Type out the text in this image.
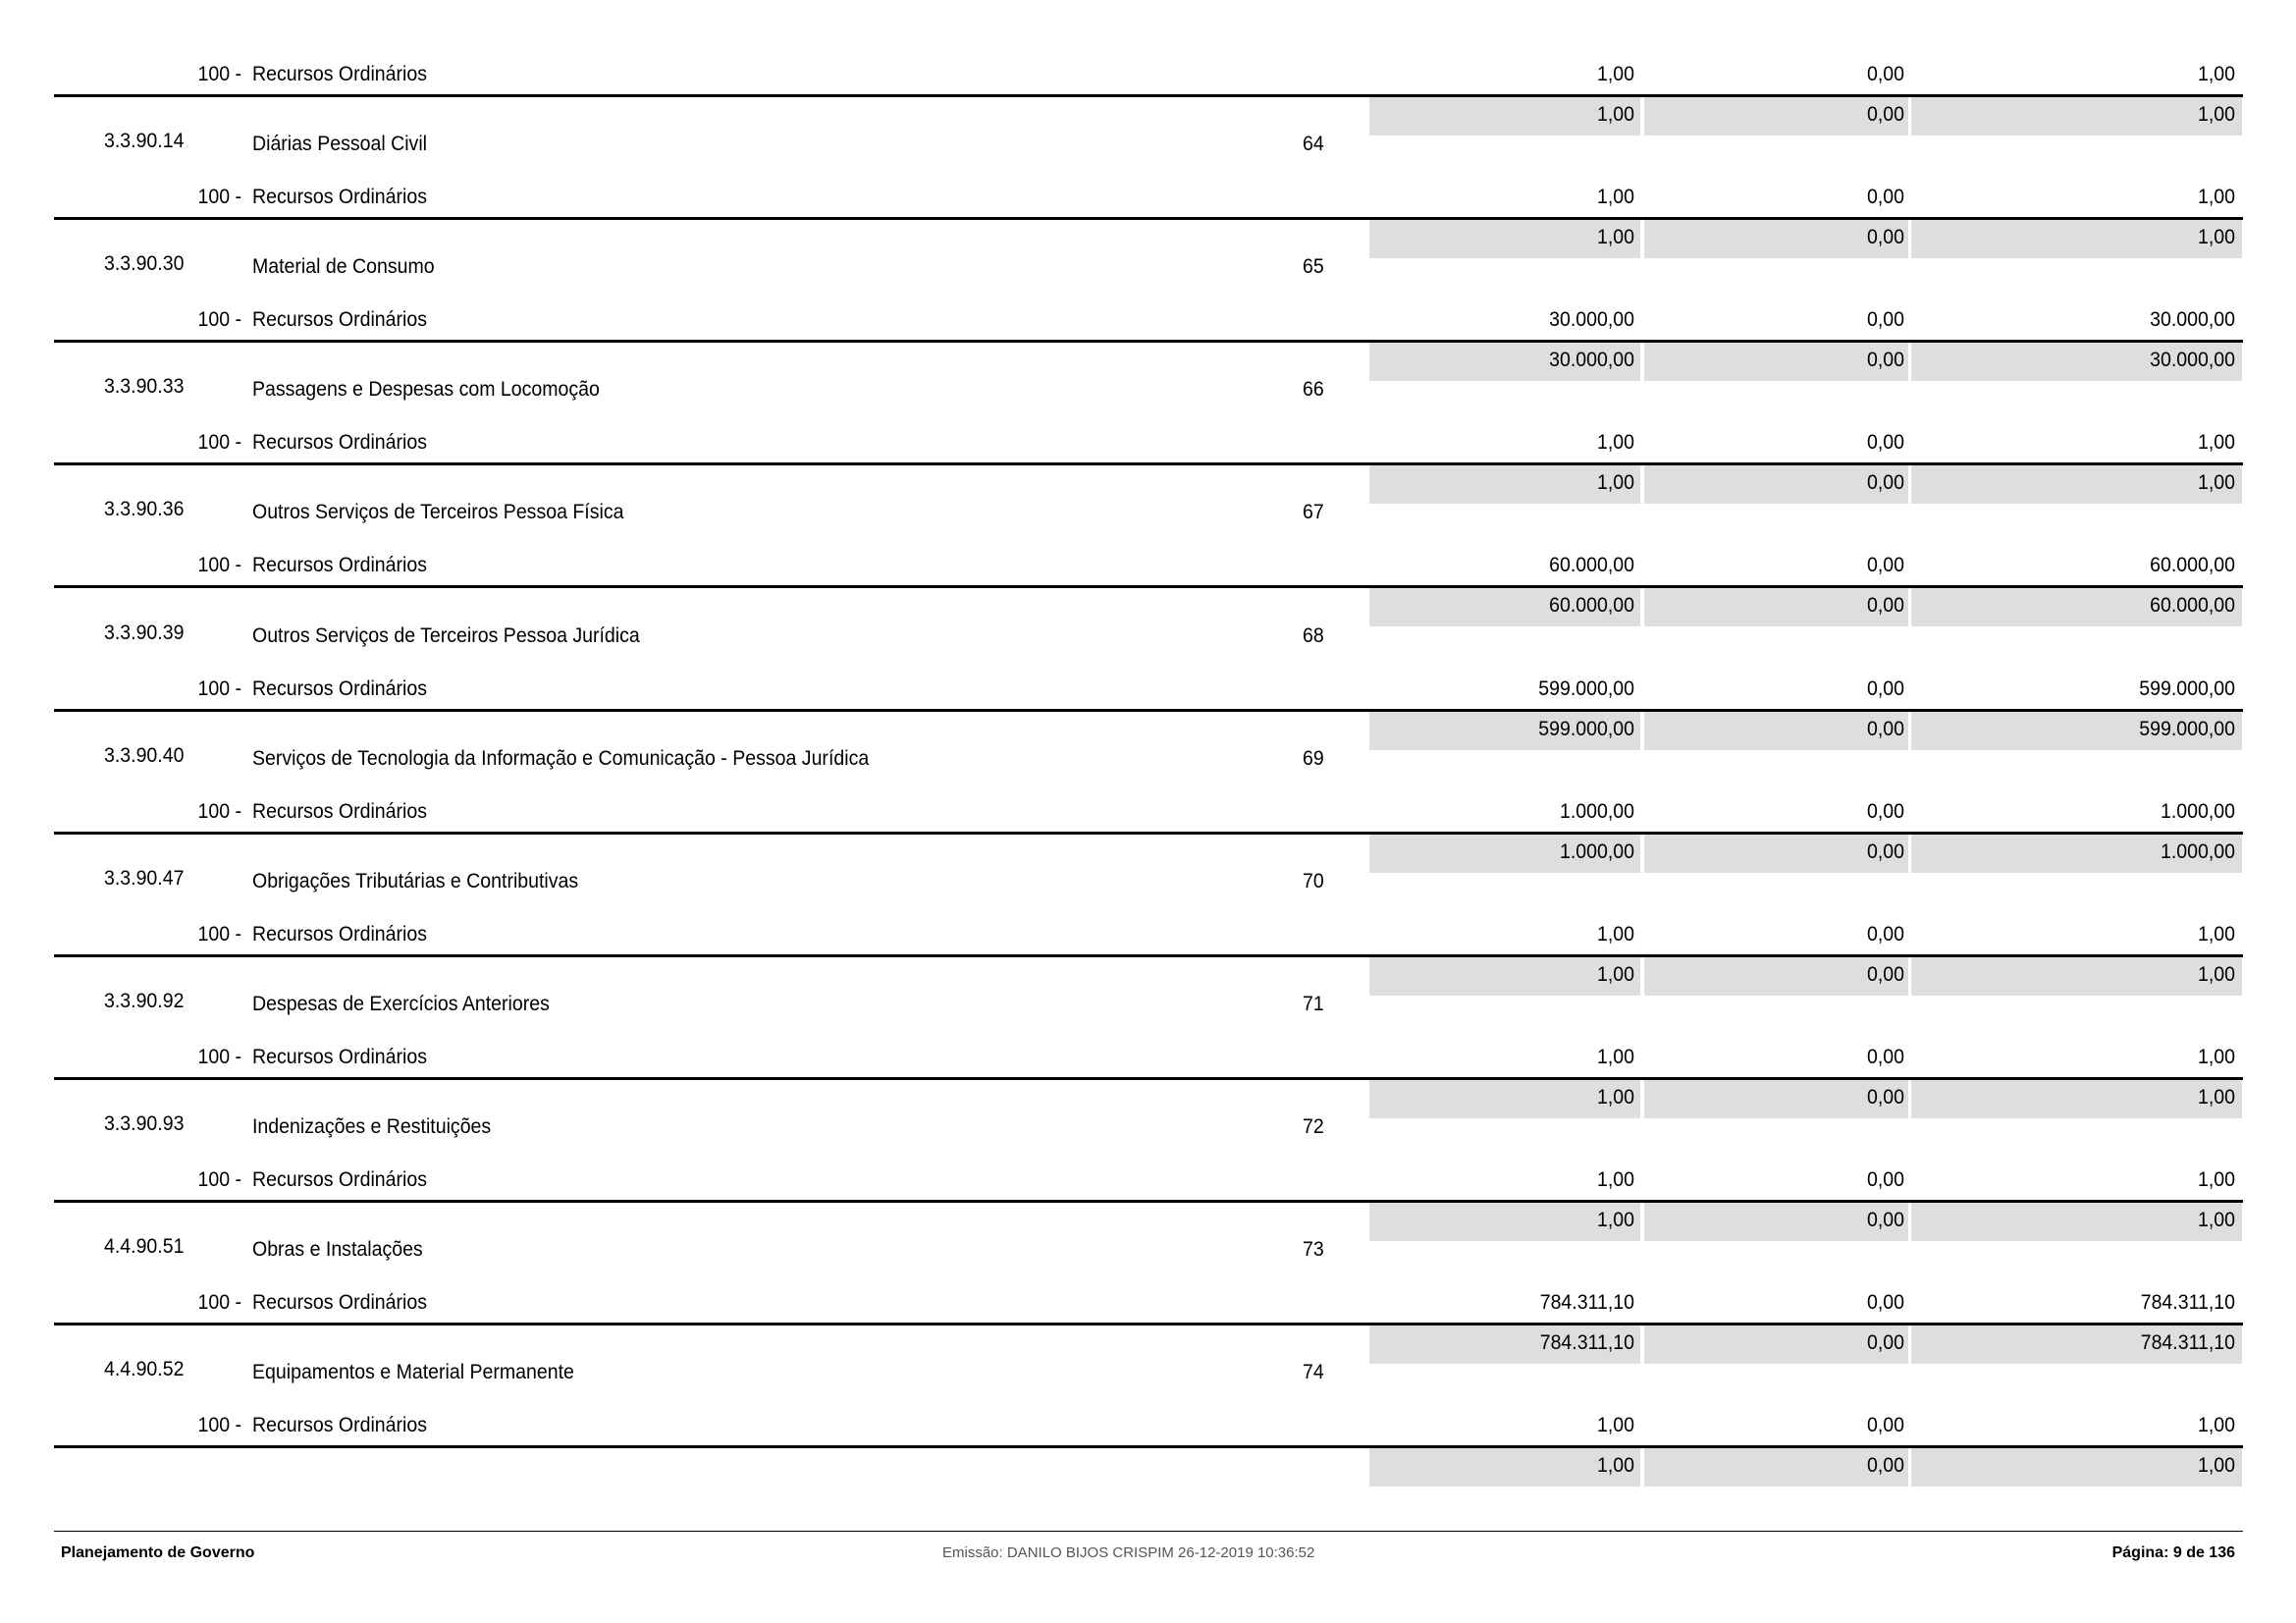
100 - Recursos Ordinários	1,00	0,00	1,00
1,00	0,00	1,00
3.3.90.14	Diárias Pessoal Civil	64
100 - Recursos Ordinários	1,00	0,00	1,00
1,00	0,00	1,00
3.3.90.30	Material de Consumo	65
100 - Recursos Ordinários	30.000,00	0,00	30.000,00
30.000,00	0,00	30.000,00
3.3.90.33	Passagens e Despesas com Locomoção	66
100 - Recursos Ordinários	1,00	0,00	1,00
1,00	0,00	1,00
3.3.90.36	Outros Serviços de Terceiros Pessoa Física	67
100 - Recursos Ordinários	60.000,00	0,00	60.000,00
60.000,00	0,00	60.000,00
3.3.90.39	Outros Serviços de Terceiros Pessoa Jurídica	68
100 - Recursos Ordinários	599.000,00	0,00	599.000,00
599.000,00	0,00	599.000,00
3.3.90.40	Serviços de Tecnologia da Informação e Comunicação - Pessoa Jurídica	69
100 - Recursos Ordinários	1.000,00	0,00	1.000,00
1.000,00	0,00	1.000,00
3.3.90.47	Obrigações Tributárias e Contributivas	70
100 - Recursos Ordinários	1,00	0,00	1,00
1,00	0,00	1,00
3.3.90.92	Despesas de Exercícios Anteriores	71
100 - Recursos Ordinários	1,00	0,00	1,00
1,00	0,00	1,00
3.3.90.93	Indenizações e Restituições	72
100 - Recursos Ordinários	1,00	0,00	1,00
1,00	0,00	1,00
4.4.90.51	Obras e Instalações	73
100 - Recursos Ordinários	784.311,10	0,00	784.311,10
784.311,10	0,00	784.311,10
4.4.90.52	Equipamentos e Material Permanente	74
100 - Recursos Ordinários	1,00	0,00	1,00
1,00	0,00	1,00
Planejamento de Governo	Emissão: DANILO BIJOS CRISPIM 26-12-2019 10:36:52	Página: 9 de 136
